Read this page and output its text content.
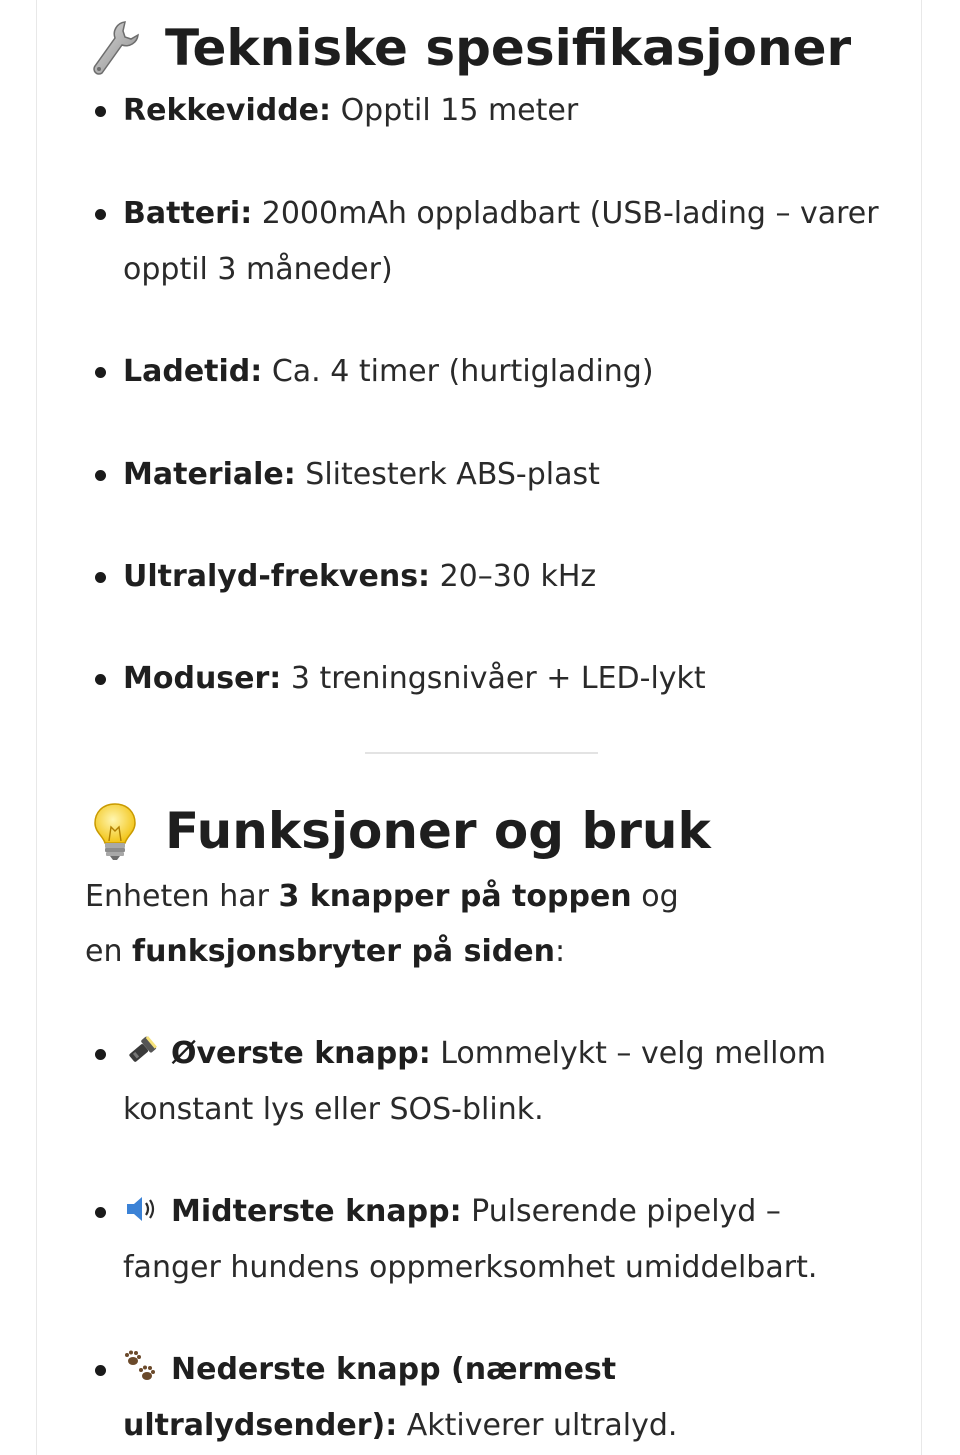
Tekniske spesifikasjoner
Rekkevidde: Opptil 15 meter
Batteri: 2000mAh oppladbart (USB-lading – varer opptil 3 måneder)
Ladetid: Ca. 4 timer (hurtiglading)
Materiale: Slitesterk ABS-plast
Ultralyd-frekvens: 20–30 kHz
Moduser: 3 treningsnivåer + LED-lykt
Funksjoner og bruk

Enheten har 3 knapper på toppen og en funksjonsbryter på siden:

Øverste knapp: Lommelykt – velg mellom konstant lys eller SOS-blink.
Midterste knapp: Pulserende pipelyd – fanger hundens oppmerksomhet umiddelbart.
Nederste knapp (nærmest ultralydsender): Aktiverer ultralyd.
